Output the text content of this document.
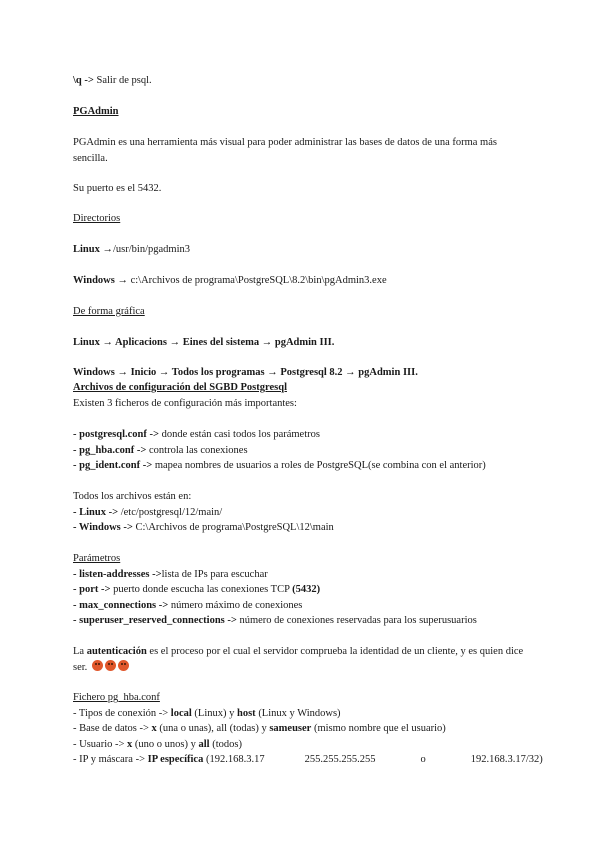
\q -> Salir de psql.
PGAdmin
PGAdmin es una herramienta más visual para poder administrar las bases de datos de una forma más sencilla.
Su puerto es el 5432.
Directorios
Linux →/usr/bin/pgadmin3
Windows → c:\Archivos de programa\PostgreSQL\8.2\bin\pgAdmin3.exe
De forma gráfica
Linux → Aplicacions → Eines del sistema → pgAdmin III.
Windows → Inicio → Todos los programas → Postgresql 8.2 → pgAdmin III.
Archivos de configuración del SGBD Postgresql
Existen 3 ficheros de configuración más importantes:
- postgresql.conf -> donde están casi todos los parámetros
- pg_hba.conf -> controla las conexiones
- pg_ident.conf -> mapea nombres de usuarios a roles de PostgreSQL(se combina con el anterior)
Todos los archivos están en:
- Linux -> /etc/postgresql/12/main/
- Windows -> C:\Archivos de programa\PostgreSQL\12\main
Parámetros
- listen-addresses ->lista de IPs para escuchar
- port -> puerto donde escucha las conexiones TCP (5432)
- max_connections -> número máximo de conexiones
- superuser_reserved_connections -> número de conexiones reservadas para los superusuarios
La autenticación es el proceso por el cual el servidor comprueba la identidad de un cliente, y es quien dice ser.
Fichero pg_hba.conf
- Tipos de conexión -> local (Linux) y host (Linux y Windows)
- Base de datos -> x (una o unas), all (todas) y sameuser (mismo nombre que el usuario)
- Usuario -> x (uno o unos) y all (todos)
- IP y máscara -> IP específica (192.168.3.17	255.255.255.255	o	192.168.3.17/32)
